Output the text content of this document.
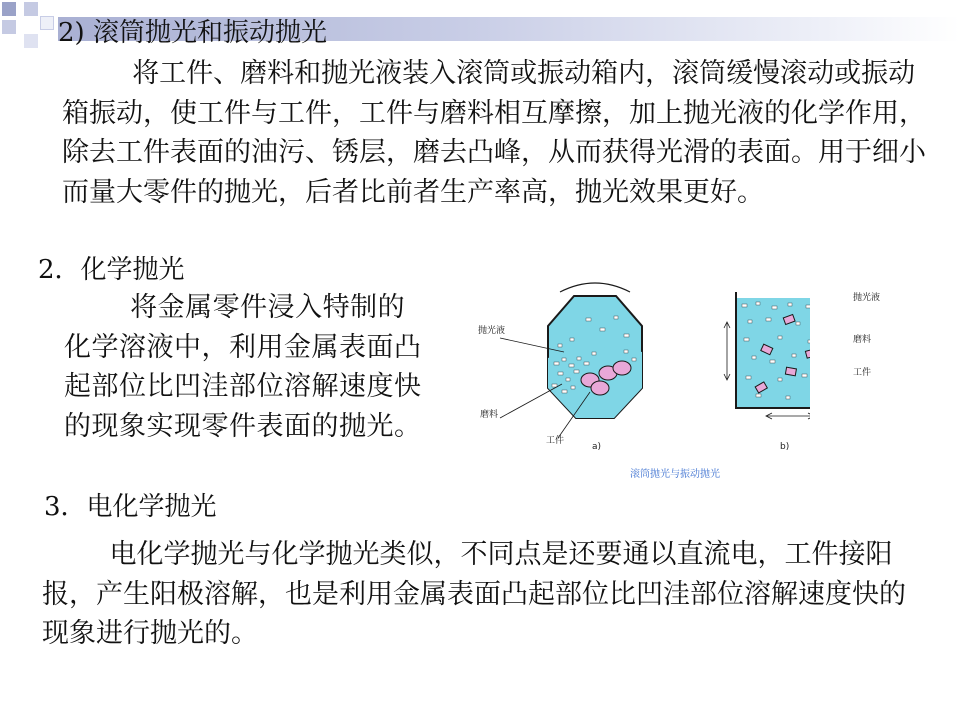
2) 滚筒抛光和振动抛光

将工件、磨料和抛光液装入滚筒或振动箱内，滚筒缓慢滚动或振动箱振动，使工件与工件，工件与磨料相互摩擦，加上抛光液的化学作用，除去工件表面的油污、锈层，磨去凸峰，从而获得光滑的表面。用于细小而量大零件的抛光，后者比前者生产率高，抛光效果更好。

2．化学抛光

将金属零件浸入特制的化学溶液中，利用金属表面凸起部位比凹洼部位溶解速度快的现象实现零件表面的抛光。

抛光液
磨料
工件
a)
抛光液
磨料
工件
b)
滚筒抛光与振动抛光
3．电化学抛光

电化学抛光与化学抛光类似，不同点是还要通以直流电，工件接阳报，产生阳极溶解，也是利用金属表面凸起部位比凹洼部位溶解速度快的现象进行抛光的。
